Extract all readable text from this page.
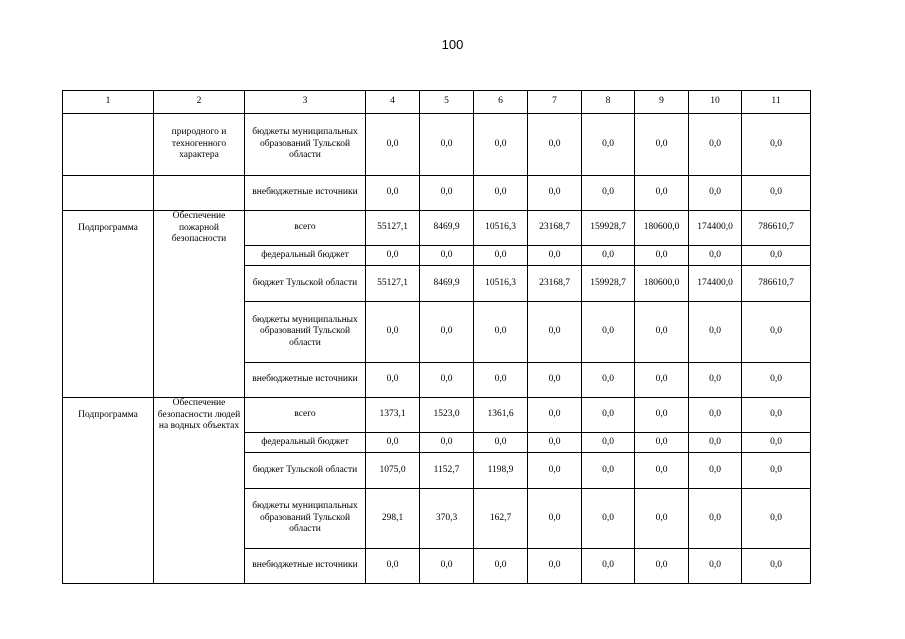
100
1	2	3	4	5	6	7	8	9	10	11
	природного и техногенного характера	бюджеты муниципальных образований Тульской области	0,0	0,0	0,0	0,0	0,0	0,0	0,0	0,0
		внебюджетные источники	0,0	0,0	0,0	0,0	0,0	0,0	0,0	0,0
Подпрограмма	Обеспечение пожарной безопасности	всего	55127,1	8469,9	10516,3	23168,7	159928,7	180600,0	174400,0	786610,7
		федеральный бюджет	0,0	0,0	0,0	0,0	0,0	0,0	0,0	0,0
		бюджет Тульской области	55127,1	8469,9	10516,3	23168,7	159928,7	180600,0	174400,0	786610,7
		бюджеты муниципальных образований Тульской области	0,0	0,0	0,0	0,0	0,0	0,0	0,0	0,0
		внебюджетные источники	0,0	0,0	0,0	0,0	0,0	0,0	0,0	0,0
Подпрограмма	Обеспечение безопасности людей на водных объектах	всего	1373,1	1523,0	1361,6	0,0	0,0	0,0	0,0	0,0
		федеральный бюджет	0,0	0,0	0,0	0,0	0,0	0,0	0,0	0,0
		бюджет Тульской области	1075,0	1152,7	1198,9	0,0	0,0	0,0	0,0	0,0
		бюджеты муниципальных образований Тульской области	298,1	370,3	162,7	0,0	0,0	0,0	0,0	0,0
		внебюджетные источники	0,0	0,0	0,0	0,0	0,0	0,0	0,0	0,0
